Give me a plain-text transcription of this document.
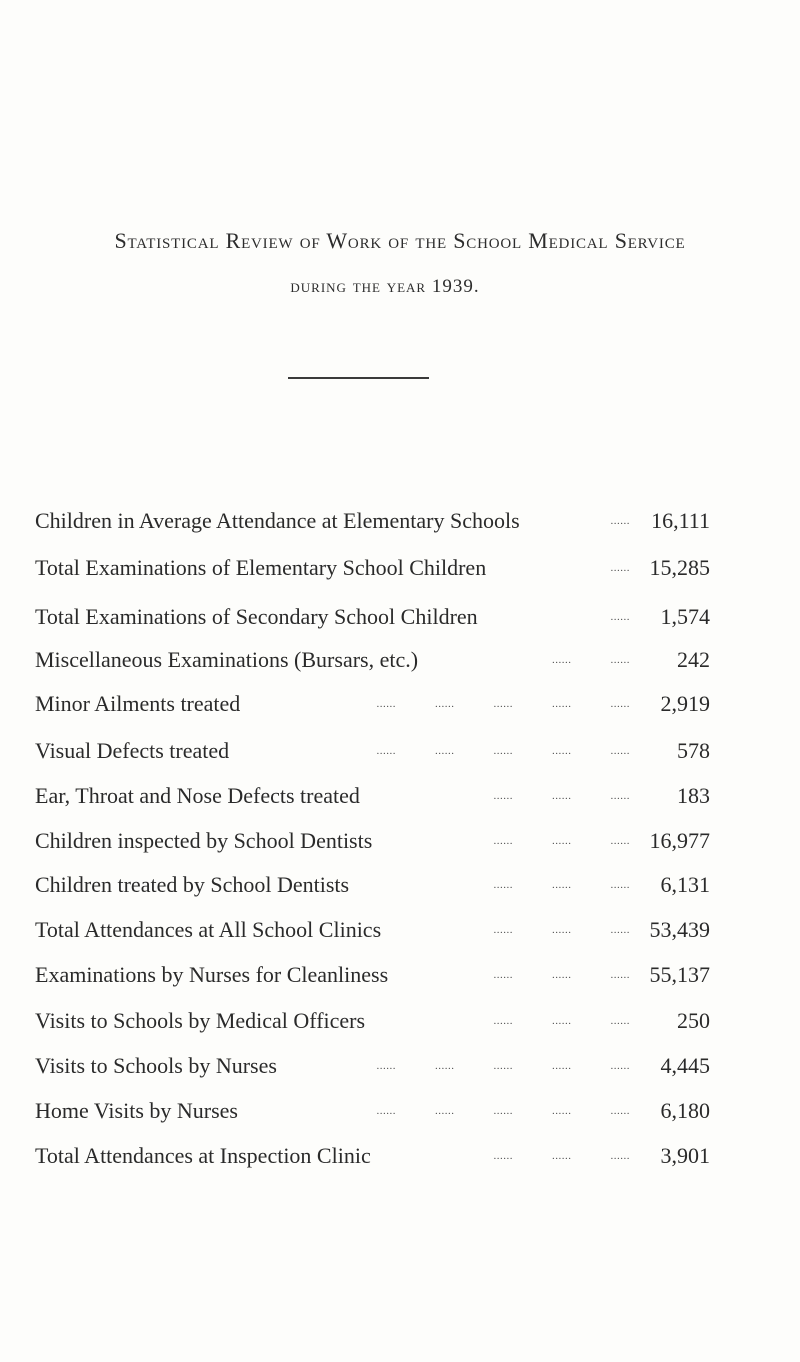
Statistical Review of Work of the School Medical Service
during the year 1939.
Children in Average Attendance at Elementary Schools	...... 16,111
Total Examinations of Elementary School Children	...... 15,285
Total Examinations of Secondary School Children	...... 1,574
Miscellaneous Examinations (Bursars, etc.)	......            ...... 242
Minor Ailments treated	......            ......            ......            ......            ...... 2,919
Visual Defects treated	......            ......            ......            ......            ...... 578
Ear, Throat and Nose Defects treated	......            ......            ...... 183
Children inspected by School Dentists	......            ......            ...... 16,977
Children treated by School Dentists	......            ......            ...... 6,131
Total Attendances at All School Clinics	......            ......            ...... 53,439
Examinations by Nurses for Cleanliness	......            ......            ...... 55,137
Visits to Schools by Medical Officers	......            ......            ...... 250
Visits to Schools by Nurses	......            ......            ......            ......            ...... 4,445
Home Visits by Nurses	......            ......            ......            ......            ...... 6,180
Total Attendances at Inspection Clinic	......            ......            ...... 3,901
